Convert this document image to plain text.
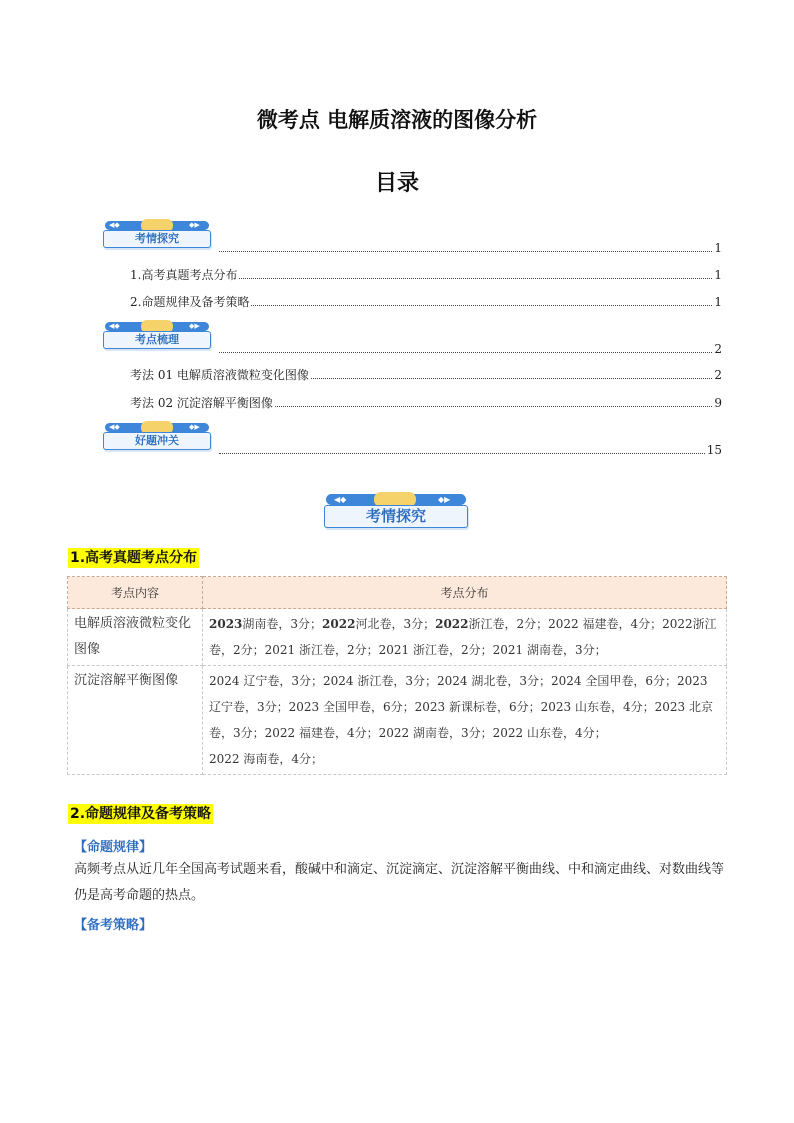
微考点 电解质溶液的图像分析
目录
◀◆	◆▶
考情探究
1
1.高考真题考点分布	1
2.命题规律及备考策略	1
◀◆	◆▶
考点梳理
2
考法 01 电解质溶液微粒变化图像	2
考法 02 沉淀溶解平衡图像	9
◀◆	◆▶
好题冲关
15
◀◆	◆▶
考情探究
1.高考真题考点分布
考点内容	考点分布
电解质溶液微粒变化图像	2023湖南卷，3分；2022河北卷，3分；2022浙江卷，2分；2022 福建卷，4分；2022浙江卷，2分；2021 浙江卷，2分；2021 浙江卷，2分；2021 湖南卷，3分；
沉淀溶解平衡图像	2024 辽宁卷，3分；2024 浙江卷，3分；2024 湖北卷，3分；2024 全国甲卷，6分；2023 辽宁卷，3分；2023 全国甲卷，6分；2023 新课标卷，6分；2023 山东卷，4分；2023 北京卷，3分；2022 福建卷，4分；2022 湖南卷，3分；2022 山东卷，4分；
2022 海南卷，4分；
2.命题规律及备考策略
【命题规律】

高频考点从近几年全国高考试题来看，酸碱中和滴定、沉淀滴定、沉淀溶解平衡曲线、中和滴定曲线、对数曲线等仍是高考命题的热点。

【备考策略】
